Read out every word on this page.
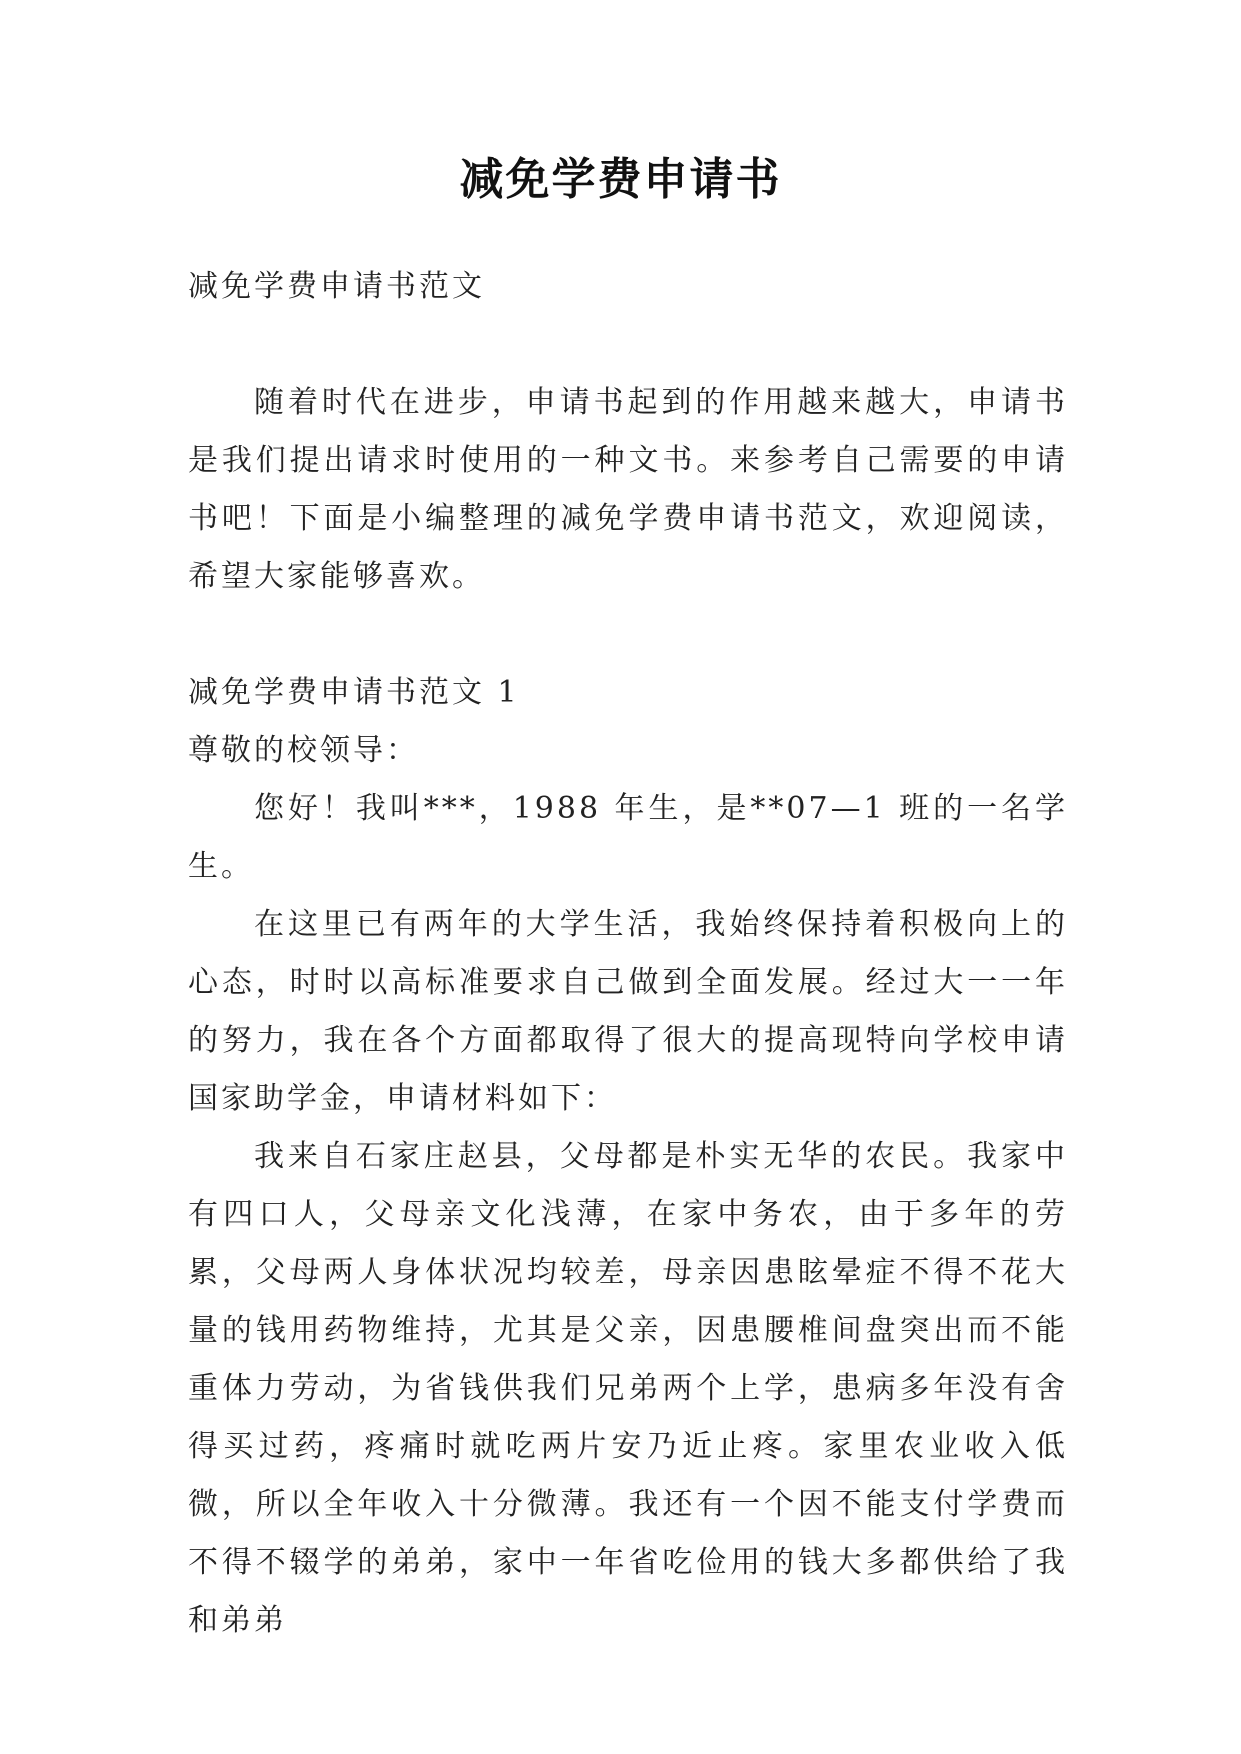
减免学费申请书

减免学费申请书范文

随着时代在进步，申请书起到的作用越来越大，申请书是我们提出请求时使用的一种文书。来参考自己需要的申请书吧！下面是小编整理的减免学费申请书范文，欢迎阅读，希望大家能够喜欢。

减免学费申请书范文 1

尊敬的校领导：

您好！我叫***，1988 年生，是**07—1 班的一名学生。

在这里已有两年的大学生活，我始终保持着积极向上的心态，时时以高标准要求自己做到全面发展。经过大一一年的努力，我在各个方面都取得了很大的提高现特向学校申请国家助学金，申请材料如下：

我来自石家庄赵县，父母都是朴实无华的农民。我家中有四口人，父母亲文化浅薄，在家中务农，由于多年的劳累，父母两人身体状况均较差，母亲因患眩晕症不得不花大量的钱用药物维持，尤其是父亲，因患腰椎间盘突出而不能重体力劳动，为省钱供我们兄弟两个上学，患病多年没有舍得买过药，疼痛时就吃两片安乃近止疼。家里农业收入低微，所以全年收入十分微薄。我还有一个因不能支付学费而不得不辍学的弟弟，家中一年省吃俭用的钱大多都供给了我和弟弟
